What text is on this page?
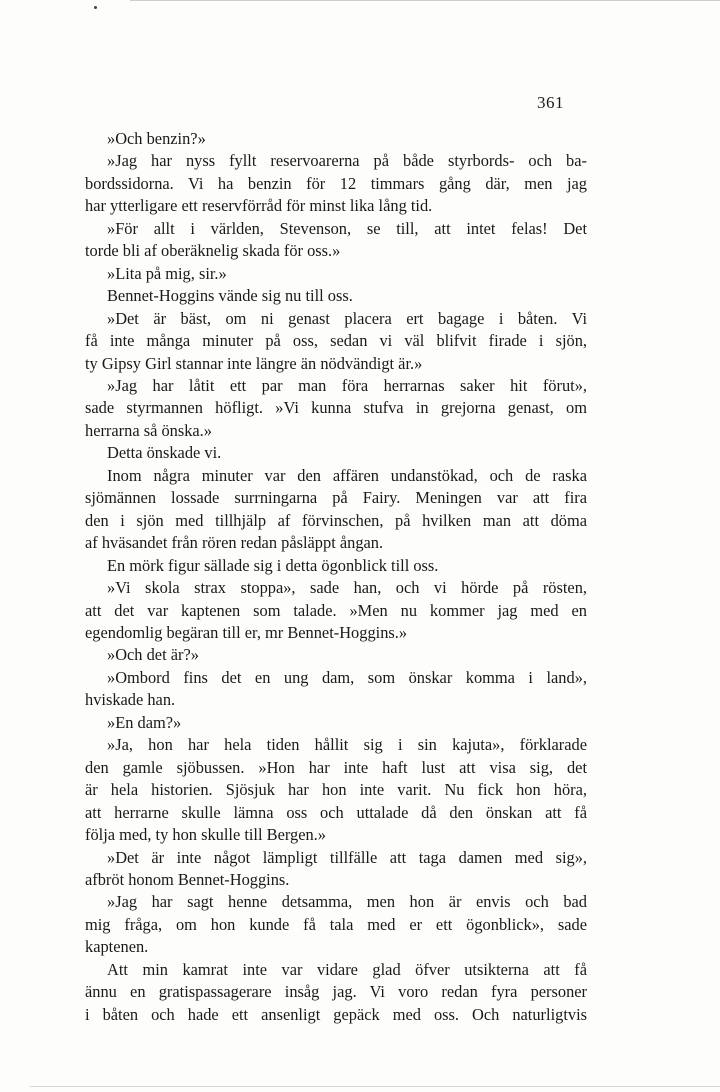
361
»Och benzin?»
»Jag har nyss fyllt reservoarerna på både styrbords- och ba-
bordssidorna. Vi ha benzin för 12 timmars gång där, men jag
har ytterligare ett reservförråd för minst lika lång tid.
»För allt i världen, Stevenson, se till, att intet felas! Det
torde bli af oberäknelig skada för oss.»
»Lita på mig, sir.»
Bennet-Hoggins vände sig nu till oss.
»Det är bäst, om ni genast placera ert bagage i båten. Vi
få inte många minuter på oss, sedan vi väl blifvit firade i sjön,
ty Gipsy Girl stannar inte längre än nödvändigt är.»
»Jag har låtit ett par man föra herrarnas saker hit förut»,
sade styrmannen höfligt. »Vi kunna stufva in grejorna genast, om
herrarna så önska.»
Detta önskade vi.
Inom några minuter var den affären undanstökad, och de raska
sjömännen lossade surrningarna på Fairy. Meningen var att fira
den i sjön med tillhjälp af förvinschen, på hvilken man att döma
af hväsandet från rören redan påsläppt ångan.
En mörk figur sällade sig i detta ögonblick till oss.
»Vi skola strax stoppa», sade han, och vi hörde på rösten,
att det var kaptenen som talade. »Men nu kommer jag med en
egendomlig begäran till er, mr Bennet-Hoggins.»
»Och det är?»
»Ombord fins det en ung dam, som önskar komma i land»,
hviskade han.
»En dam?»
»Ja, hon har hela tiden hållit sig i sin kajuta», förklarade
den gamle sjöbussen. »Hon har inte haft lust att visa sig, det
är hela historien. Sjösjuk har hon inte varit. Nu fick hon höra,
att herrarne skulle lämna oss och uttalade då den önskan att få
följa med, ty hon skulle till Bergen.»
»Det är inte något lämpligt tillfälle att taga damen med sig»,
afbröt honom Bennet-Hoggins.
»Jag har sagt henne detsamma, men hon är envis och bad
mig fråga, om hon kunde få tala med er ett ögonblick», sade
kaptenen.
Att min kamrat inte var vidare glad öfver utsikterna att få
ännu en gratispassagerare insåg jag. Vi voro redan fyra personer
i båten och hade ett ansenligt gepäck med oss. Och naturligtvis
